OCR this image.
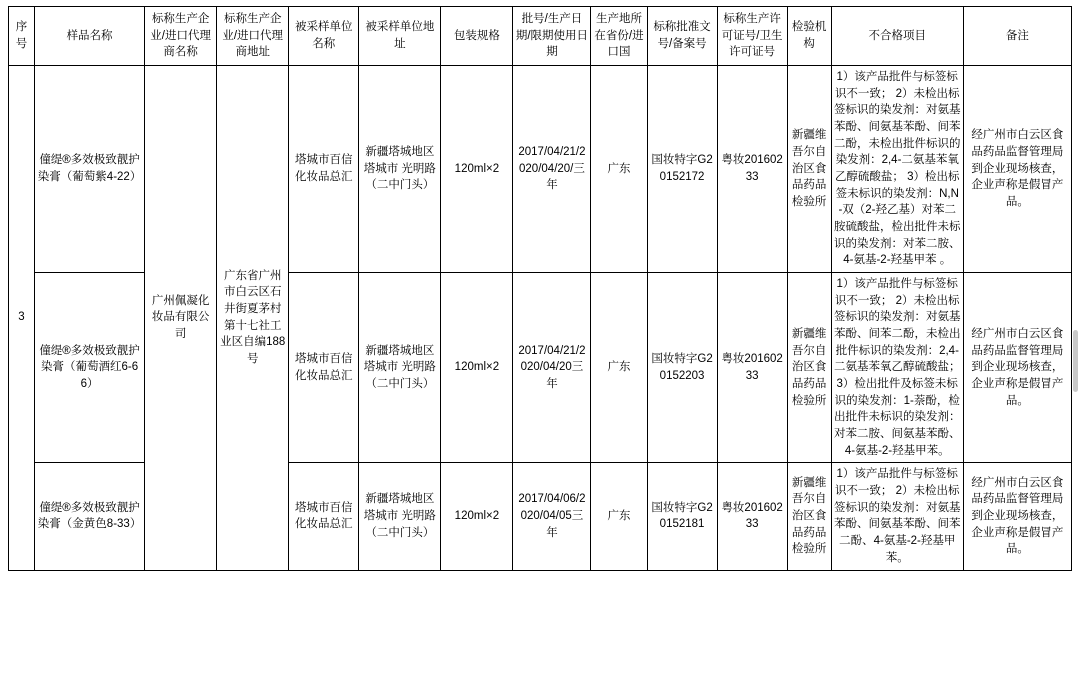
序号	样品名称	标称生产企业/进口代理商名称	标称生产企业/进口代理商地址	被采样单位名称	被采样单位地址	包装规格	批号/生产日期/限期使用日期	生产地所在省份/进口国	标称批准文号/备案号	标称生产许可证号/卫生许可证号	检验机构	不合格项目	备注
3	僮缇®多效极致靓护染膏（葡萄紫4-22）	广州佩凝化妆品有限公司	广东省广州市白云区石井街夏茅村第十七社工业区自编188号	塔城市百信化妆品总汇	新疆塔城地区塔城市 光明路（二中门头）	120ml×2	2017/04/21/2020/04/20/三年	广东	国妆特字G20152172	粤妆20160233	新疆维吾尔自治区食品药品检验所	1）该产品批件与标签标识不一致； 2）未检出标签标识的染发剂：对氨基苯酚、间氨基苯酚、间苯二酚，未检出批件标识的染发剂：2,4-二氨基苯氧乙醇硫酸盐； 3）检出标签未标识的染发剂：N,N-双（2-羟乙基）对苯二胺硫酸盐，检出批件未标识的染发剂：对苯二胺、4-氨基-2-羟基甲苯 。	经广州市白云区食品药品监督管理局到企业现场核查，企业声称是假冒产品。
	僮缇®多效极致靓护染膏（葡萄酒红6-66）			塔城市百信化妆品总汇	新疆塔城地区塔城市 光明路（二中门头）	120ml×2	2017/04/21/2020/04/20三年	广东	国妆特字G20152203	粤妆20160233	新疆维吾尔自治区食品药品检验所	1）该产品批件与标签标识不一致； 2）未检出标签标识的染发剂：对氨基苯酚、间苯二酚，未检出批件标识的染发剂：2,4-二氨基苯氧乙醇硫酸盐； 3）检出批件及标签未标识的染发剂：1-萘酚，检出批件未标识的染发剂：对苯二胺、间氨基苯酚、4-氨基-2-羟基甲苯。	经广州市白云区食品药品监督管理局到企业现场核查，企业声称是假冒产品。
	僮缇®多效极致靓护染膏（金黄色8-33）			塔城市百信化妆品总汇	新疆塔城地区塔城市 光明路（二中门头）	120ml×2	2017/04/06/2020/04/05三年	广东	国妆特字G20152181	粤妆20160233	新疆维吾尔自治区食品药品检验所	1）该产品批件与标签标识不一致； 2）未检出标签标识的染发剂：对氨基苯酚、间氨基苯酚、间苯二酚、4-氨基-2-羟基甲苯。	经广州市白云区食品药品监督管理局到企业现场核查，企业声称是假冒产品。
